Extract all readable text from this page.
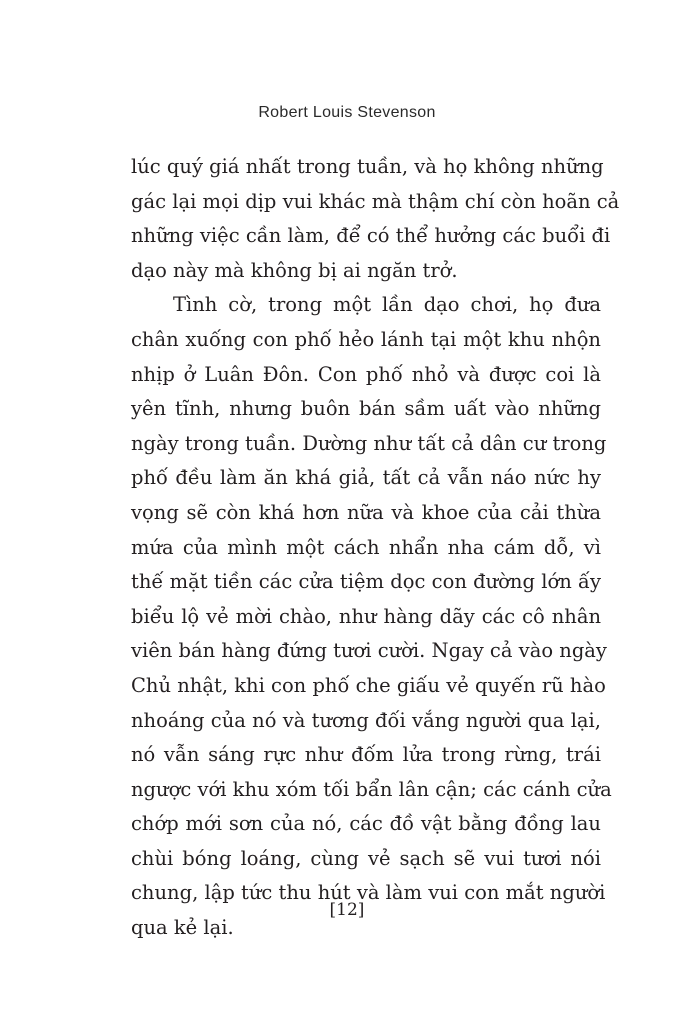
Robert Louis Stevenson
lúc quý giá nhất trong tuần, và họ không những
gác lại mọi dịp vui khác mà thậm chí còn hoãn cả
những việc cần làm, để có thể hưởng các buổi đi
dạo này mà không bị ai ngăn trở.
Tình cờ, trong một lần dạo chơi, họ đưa
chân xuống con phố hẻo lánh tại một khu nhộn
nhịp ở Luân Đôn. Con phố nhỏ và được coi là
yên tĩnh, nhưng buôn bán sầm uất vào những
ngày trong tuần. Dường như tất cả dân cư trong
phố đều làm ăn khá giả, tất cả vẫn náo nức hy
vọng sẽ còn khá hơn nữa và khoe của cải thừa
mứa của mình một cách nhẩn nha cám dỗ, vì
thế mặt tiền các cửa tiệm dọc con đường lớn ấy
biểu lộ vẻ mời chào, như hàng dãy các cô nhân
viên bán hàng đứng tươi cười. Ngay cả vào ngày
Chủ nhật, khi con phố che giấu vẻ quyến rũ hào
nhoáng của nó và tương đối vắng người qua lại,
nó vẫn sáng rực như đốm lửa trong rừng, trái
ngược với khu xóm tối bẩn lân cận; các cánh cửa
chớp mới sơn của nó, các đồ vật bằng đồng lau
chùi bóng loáng, cùng vẻ sạch sẽ vui tươi nói
chung, lập tức thu hút và làm vui con mắt người
qua kẻ lại.
[12]
